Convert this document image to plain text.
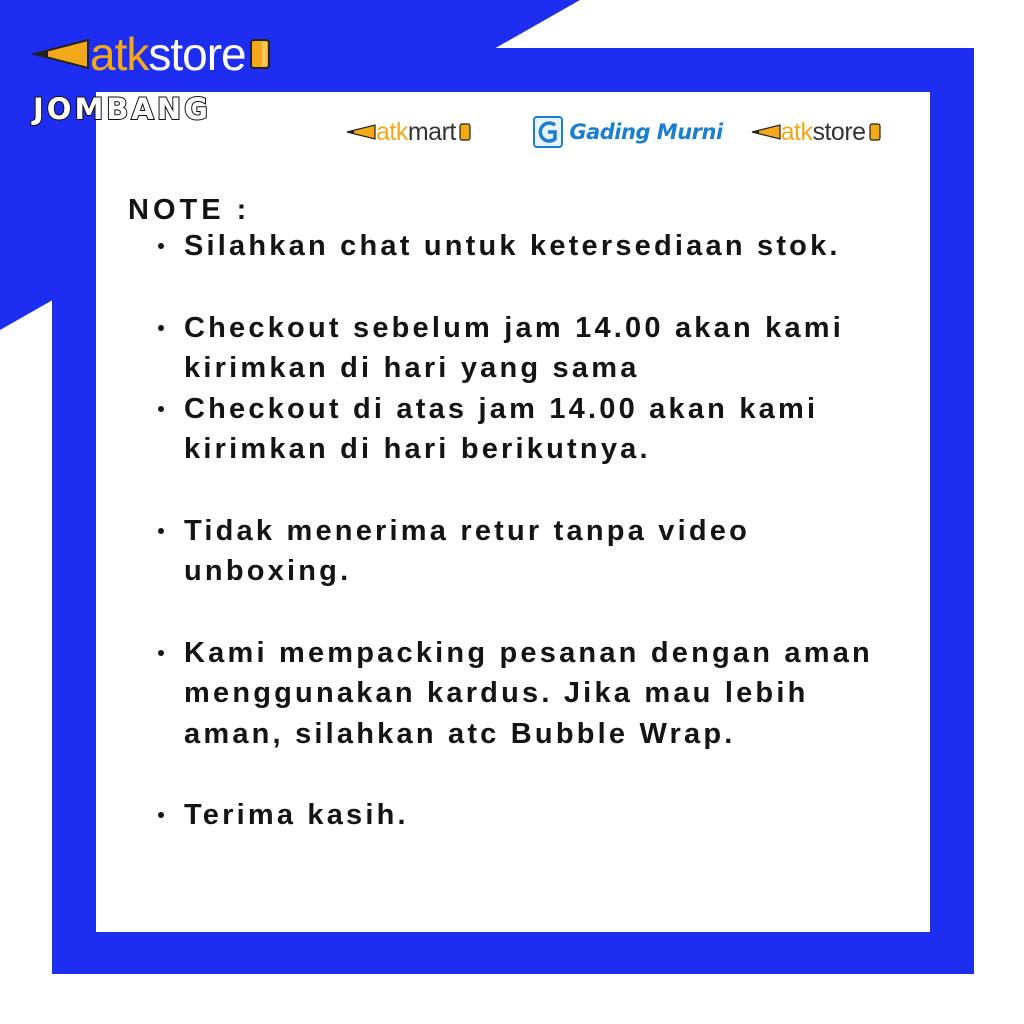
atkstore
JOMBANG
atkmart	Gading Murni atkstore
NOTE :
Silahkan chat untuk ketersediaan stok.
Checkout sebelum jam 14.00 akan kami kirimkan di hari yang sama
Checkout di atas jam 14.00 akan kami kirimkan di hari berikutnya.
Tidak menerima retur tanpa video unboxing.
Kami mempacking pesanan dengan aman menggunakan kardus. Jika mau lebih aman, silahkan atc Bubble Wrap.
Terima kasih.
